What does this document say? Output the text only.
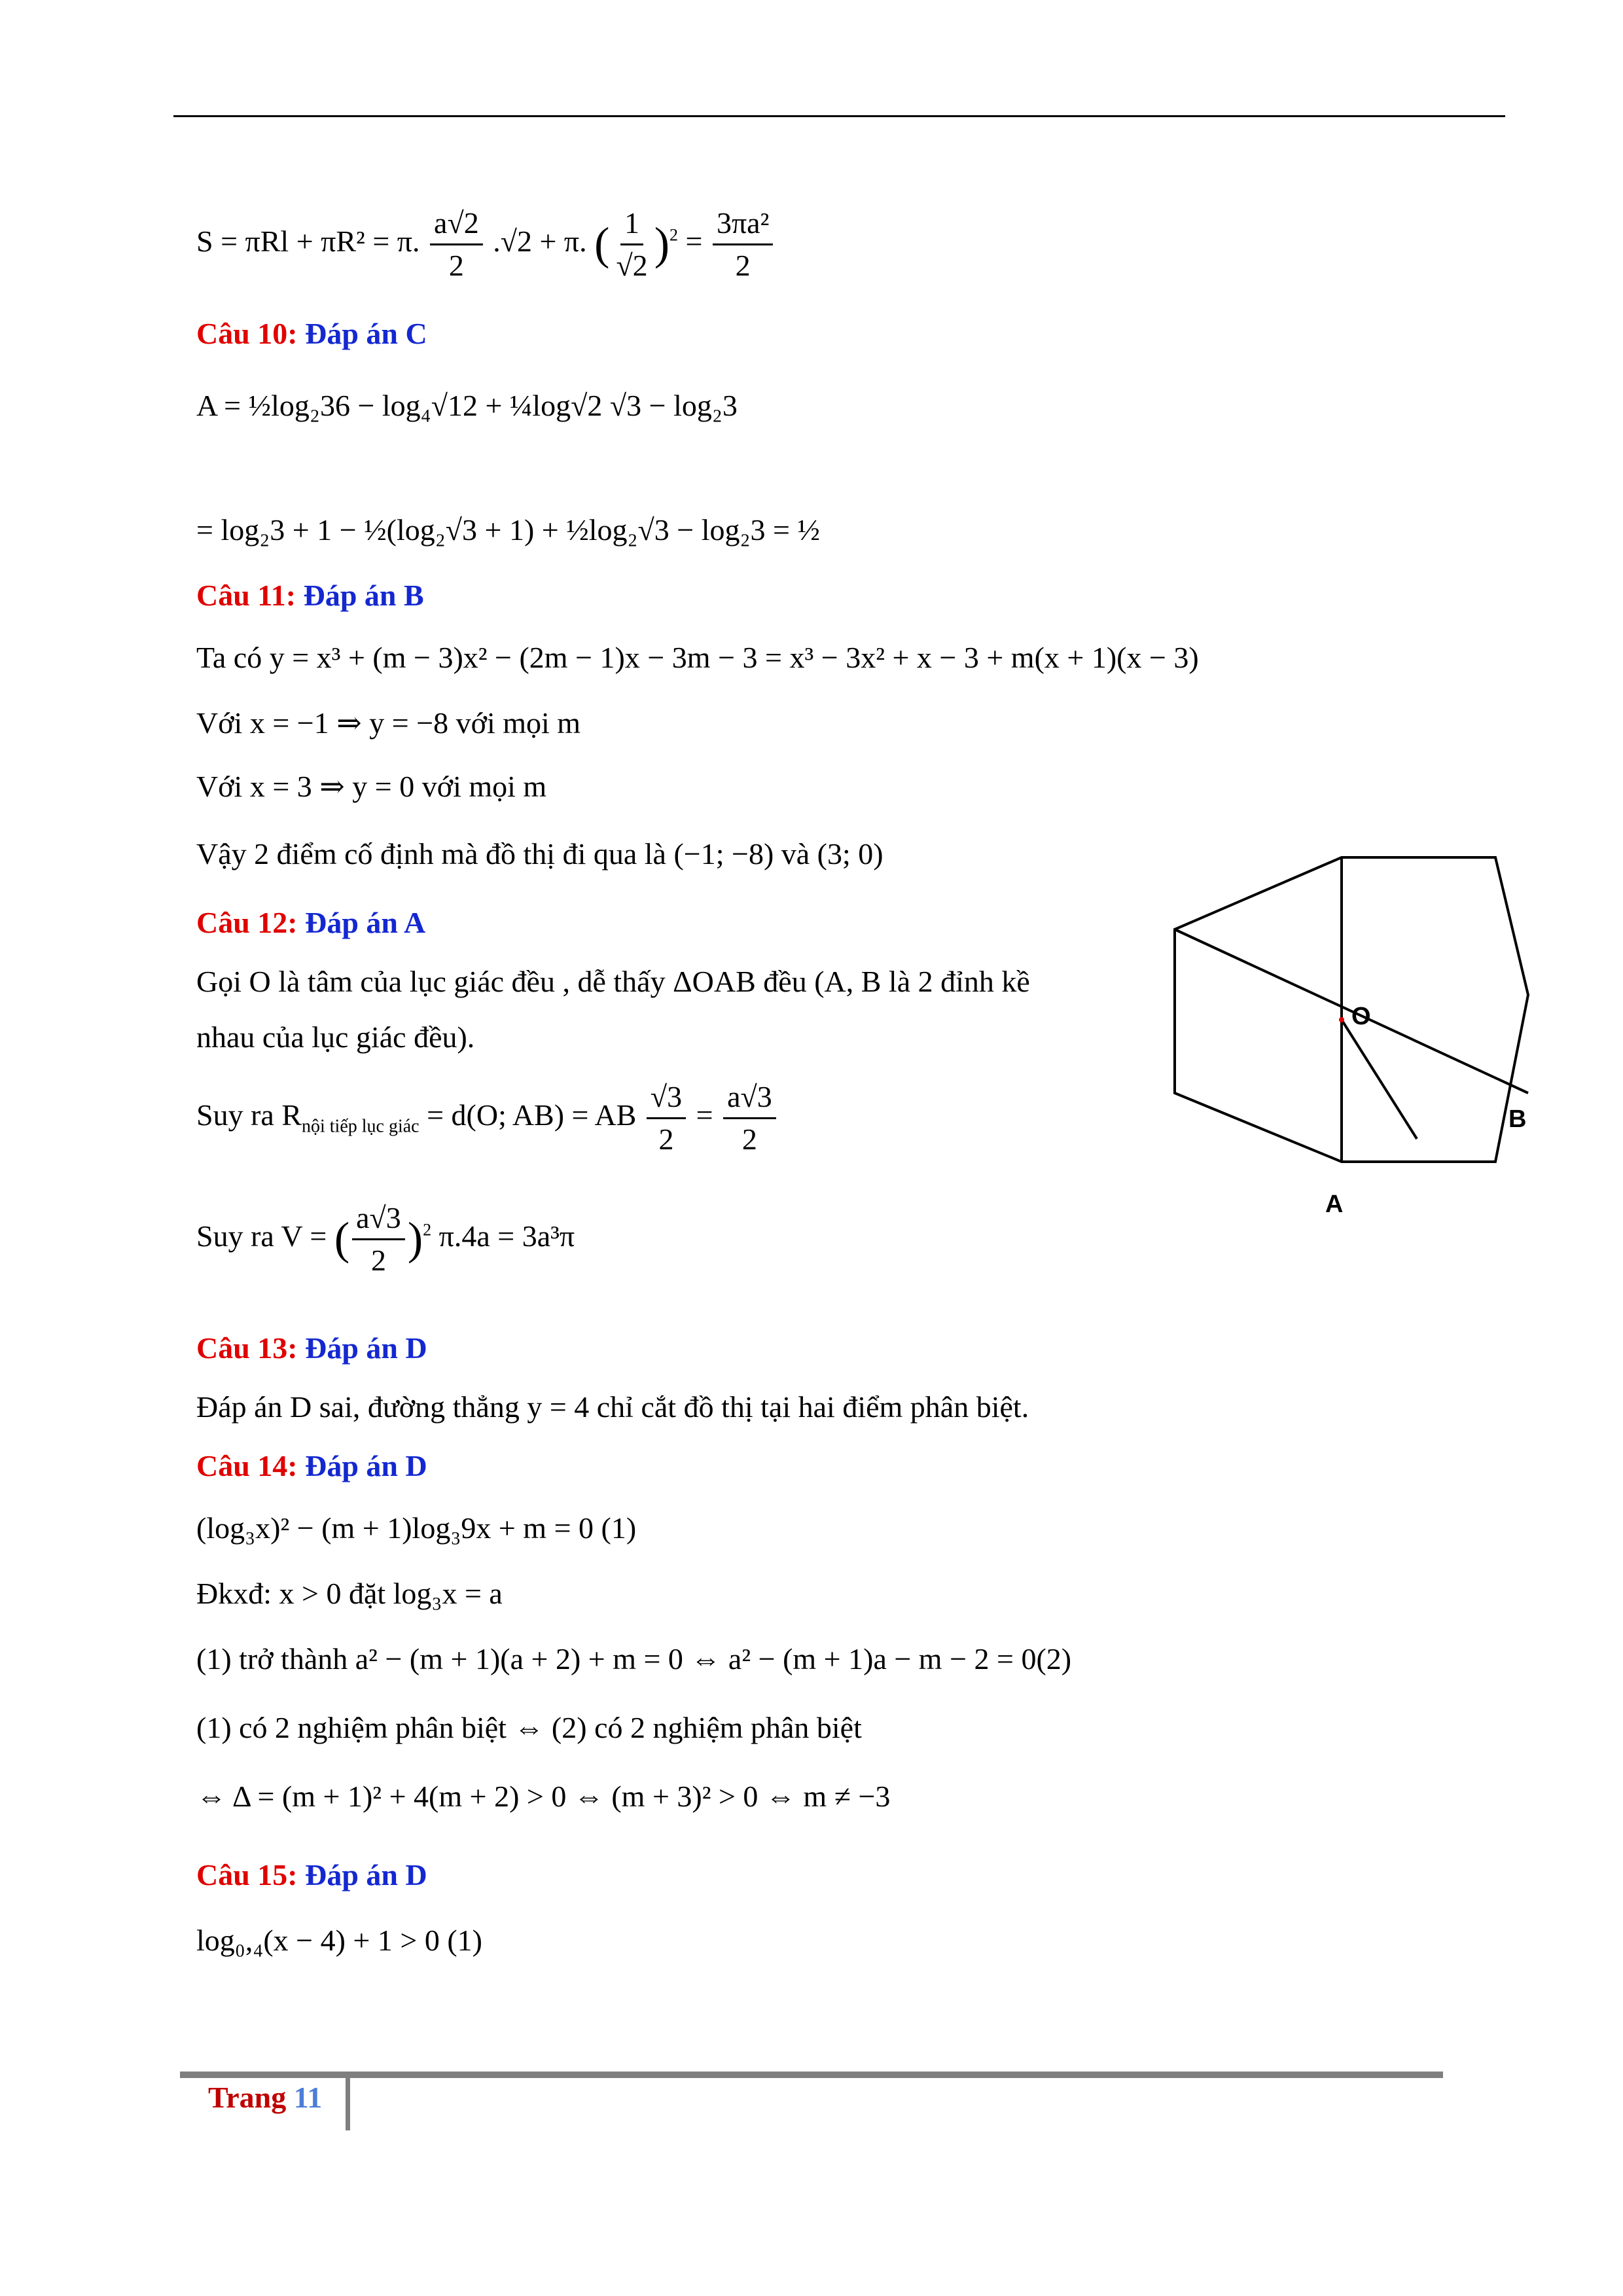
S = πRl + πR² = π. $\frac{a√2}{2} .√2 + \pi$. ( $\frac{1}{√2} )^2 = \frac{\text{3πa²}}{2}$
Câu 10: Đáp án C
A = ½log₂36 − log₄√12 + ¼log√2 √3 − log₂3
= log₂3 + 1 − ½(log₂√3 + 1) + ½log₂√3 − log₂3 = ½
Câu 11: Đáp án B
Ta có y = x³ + (m − 3)x² − (2m − 1)x − 3m − 3 = x³ − 3x² + x − 3 + m(x + 1)(x − 3)
Với x = −1 ⇒ y = −8 với mọi m
Với x = 3 ⇒ y = 0 với mọi m
Vậy 2 điểm cố định mà đồ thị đi qua là (−1; −8) và (3; 0)
Câu 12: Đáp án A
Gọi O là tâm của lục giác đều , dễ thấy ΔOAB đều (A, B là 2 đỉnh kề
nhau của lục giác đều).
Suy ra $R_{nội tiếp lục giác} = d(O$; AB) = AB $\frac{√3}{2} = \frac{a√3}{2}$
Suy ra V = ( $\frac{a√3}{2} )^2$ π.4a = 3a³π
Câu 13: Đáp án D
Đáp án D sai, đường thẳng y = 4 chỉ cắt đồ thị tại hai điểm phân biệt.
Câu 14: Đáp án D
(log₃x)² − (m + 1)log₃9x + m = 0 (1)
Đkxđ: x > 0 đặt log₃x = a
(1) trở thành a² − (m + 1)(a + 2) + m = 0 ⇔ a² − (m + 1)a − m − 2 = 0(2)
(1) có 2 nghiệm phân biệt ⇔ (2) có 2 nghiệm phân biệt
⇔ Δ = (m + 1)² + 4(m + 2) > 0 ⇔ (m + 3)² > 0 ⇔ m ≠ −3
Câu 15: Đáp án D
log₀,₄(x − 4) + 1 > 0 (1)
O
A
B
Trang 11
